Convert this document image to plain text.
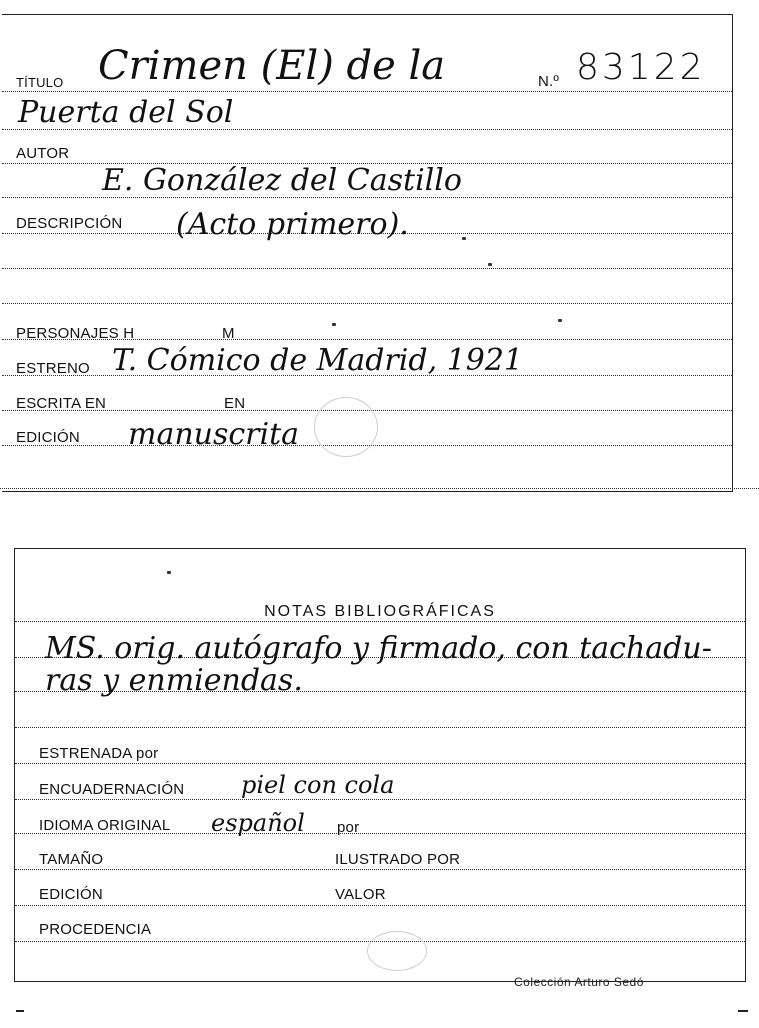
TÍTULO Crimen (El) de la	N.º 83122
Puerta del Sol
AUTOR
E. González del Castillo
DESCRIPCIÓN (Acto primero).
PERSONAJES H	M
ESTRENO T. Cómico de Madrid, 1921
ESCRITA EN	EN
EDICIÓN manuscrita
NOTAS BIBLIOGRÁFICAS
MS. orig. autógrafo y firmado, con tachadu-
ras y enmiendas.
ESTRENADA por
ENCUADERNACIÓN piel con cola
IDIOMA ORIGINAL español por
TAMAÑO	ILUSTRADO POR
EDICIÓN	VALOR
PROCEDENCIA
Colección Arturo Sedó
